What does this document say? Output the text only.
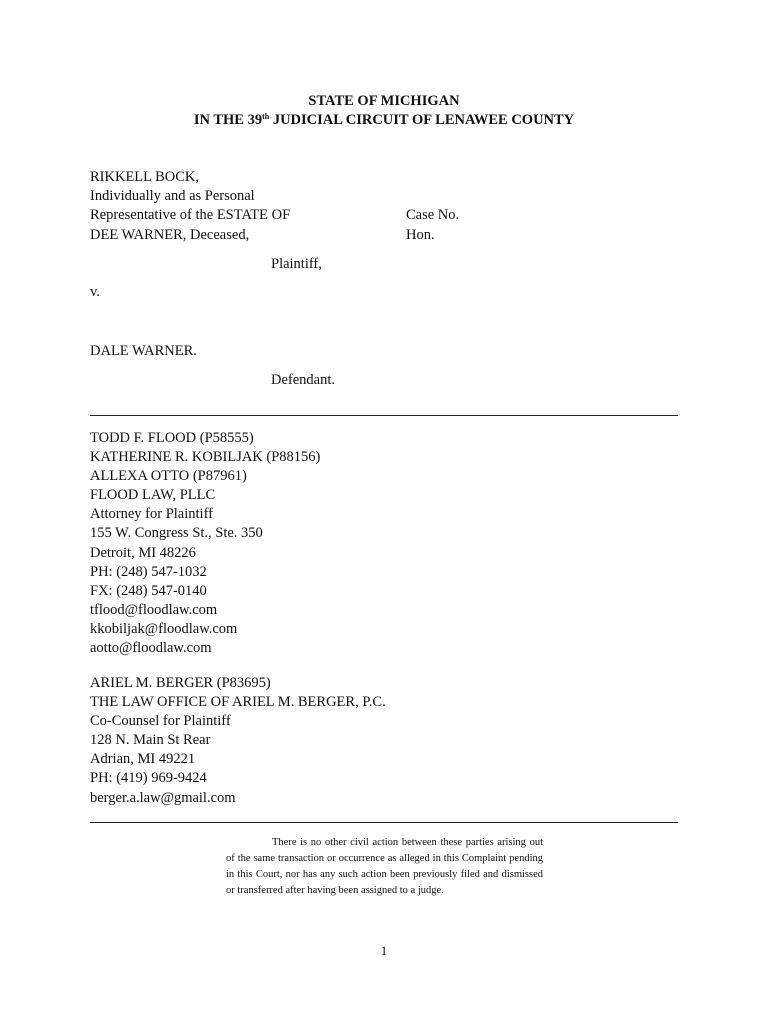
STATE OF MICHIGAN
IN THE 39th JUDICIAL CIRCUIT OF LENAWEE COUNTY
RIKKELL BOCK,
Individually and as Personal
Representative of the ESTATE OF
DEE WARNER, Deceased,
Case No.
Hon.
Plaintiff,
v.
DALE WARNER.
Defendant.
TODD F. FLOOD (P58555)
KATHERINE R. KOBILJAK (P88156)
ALLEXA OTTO (P87961)
FLOOD LAW, PLLC
Attorney for Plaintiff
155 W. Congress St., Ste. 350
Detroit, MI 48226
PH: (248) 547-1032
FX: (248) 547-0140
tflood@floodlaw.com
kkobiljak@floodlaw.com
aotto@floodlaw.com
ARIEL M. BERGER (P83695)
THE LAW OFFICE OF ARIEL M. BERGER, P.C.
Co-Counsel for Plaintiff
128 N. Main St Rear
Adrian, MI 49221
PH: (419) 969-9424
berger.a.law@gmail.com
There is no other civil action between these parties arising out of the same transaction or occurrence as alleged in this Complaint pending in this Court, nor has any such action been previously filed and dismissed or transferred after having been assigned to a judge.
1
